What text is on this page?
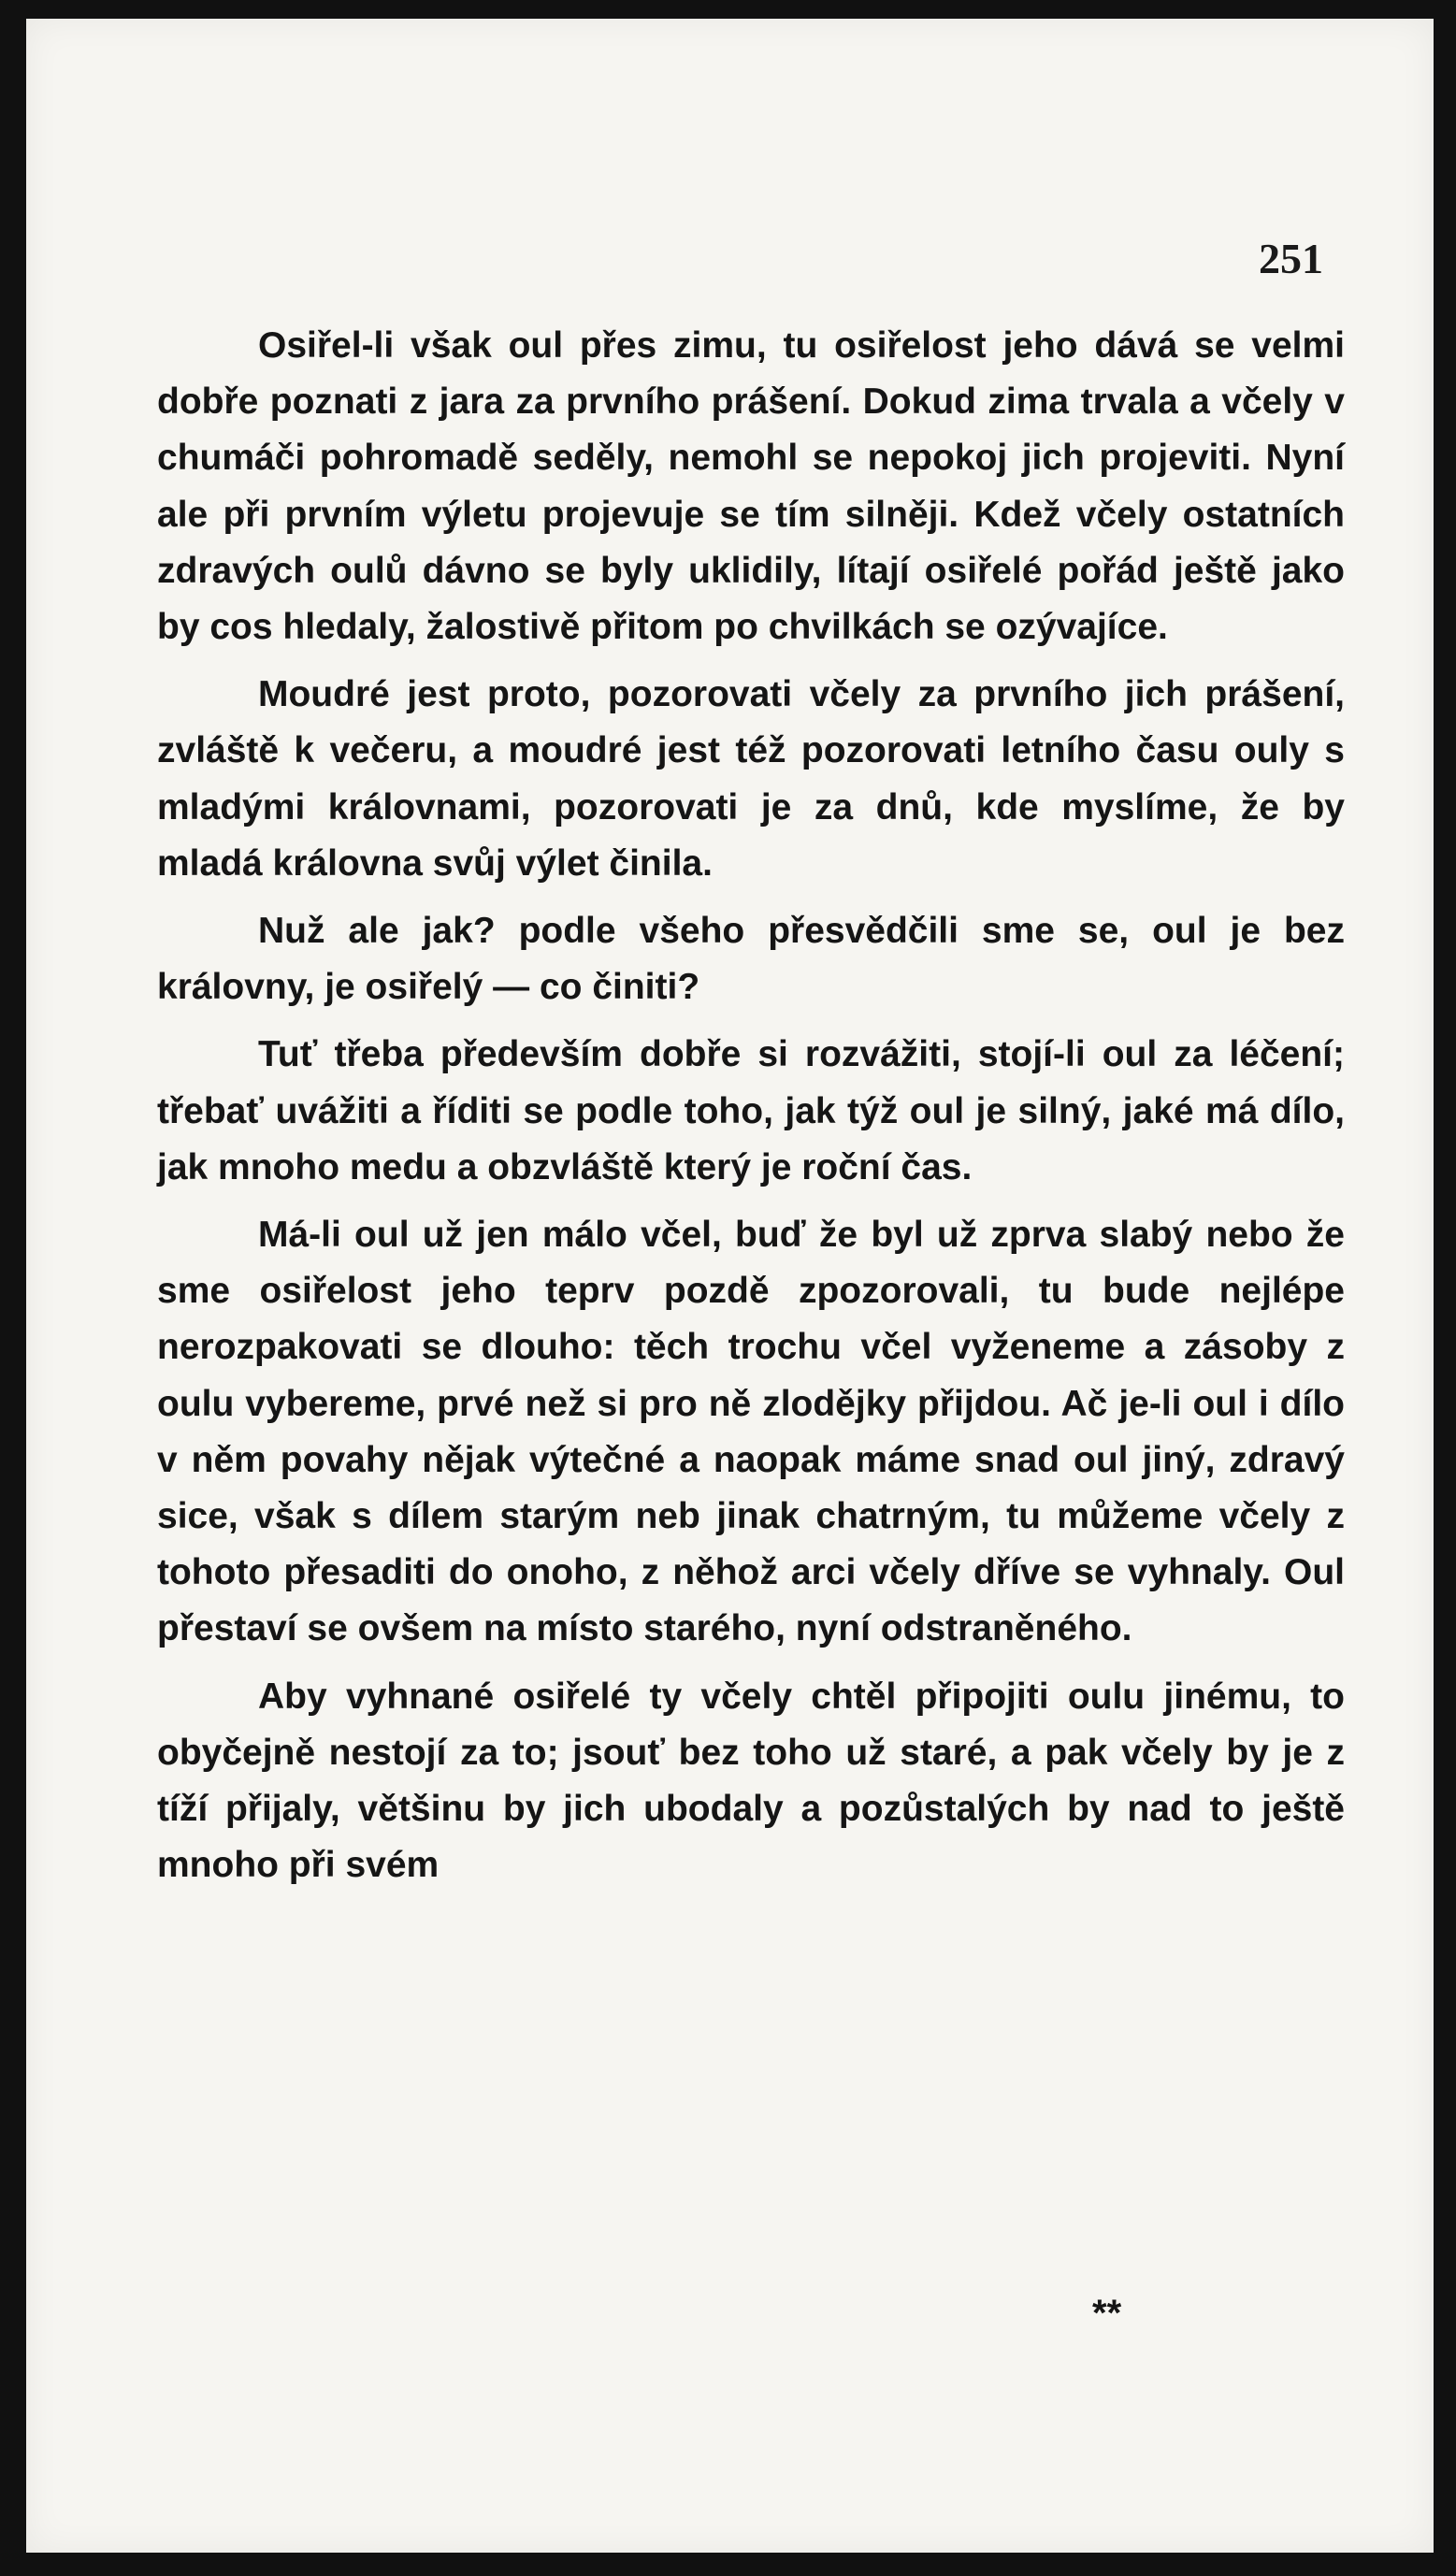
251

Osiřel-li však oul přes zimu, tu osiřelost jeho dává se velmi dobře poznati z jara za prvního prášení. Dokud zima trvala a včely v chumáči pohromadě seděly, nemohl se nepokoj jich projeviti. Nyní ale při prvním výletu projevuje se tím silněji. Kdež včely ostatních zdravých oulů dávno se byly uklidily, lítají osiřelé pořád ještě jako by cos hledaly, žalostivě přitom po chvilkách se ozývajíce.

Moudré jest proto, pozorovati včely za prvního jich prášení, zvláště k večeru, a moudré jest též pozorovati letního času ouly s mladými královnami, pozorovati je za dnů, kde myslíme, že by mladá královna svůj výlet činila.

Nuž ale jak? podle všeho přesvědčili sme se, oul je bez královny, je osiřelý — co činiti?

Tuť třeba především dobře si rozvážiti, stojí-li oul za léčení; třebať uvážiti a říditi se podle toho, jak týž oul je silný, jaké má dílo, jak mnoho medu a obzvláště který je roční čas.

Má-li oul už jen málo včel, buď že byl už zprva slabý nebo že sme osiřelost jeho teprv pozdě zpozorovali, tu bude nejlépe nerozpakovati se dlouho: těch trochu včel vyženeme a zásoby z oulu vybereme, prvé než si pro ně zlodějky přijdou. Ač je-li oul i dílo v něm povahy nějak výtečné a naopak máme snad oul jiný, zdravý sice, však s dílem starým neb jinak chatrným, tu můžeme včely z tohoto přesaditi do onoho, z něhož arci včely dříve se vyhnaly. Oul přestaví se ovšem na místo starého, nyní odstraněného.

Aby vyhnané osiřelé ty včely chtěl připojiti oulu jinému, to obyčejně nestojí za to; jsouť bez toho už staré, a pak včely by je z tíží přijaly, většinu by jich ubodaly a pozůstalých by nad to ještě mnoho při svém

**
